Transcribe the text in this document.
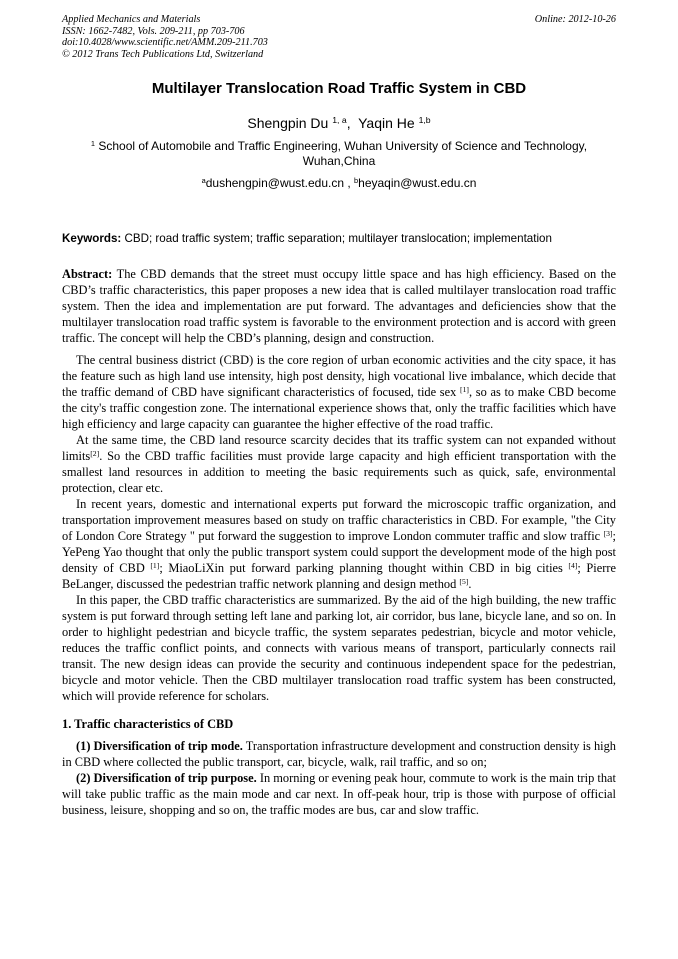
Applied Mechanics and Materials
ISSN: 1662-7482, Vols. 209-211, pp 703-706
doi:10.4028/www.scientific.net/AMM.209-211.703
© 2012 Trans Tech Publications Ltd, Switzerland
Online: 2012-10-26
Multilayer Translocation Road Traffic System in CBD
Shengpin Du $^{1, a}$, Yaqin He $^{1,b}$
$^1$ School of Automobile and Traffic Engineering, Wuhan University of Science and Technology, Wuhan,China
$^a$dushengpin@wust.edu.cn , $^b$heyaqin@wust.edu.cn
Keywords: CBD; road traffic system; traffic separation; multilayer translocation; implementation

Abstract: The CBD demands that the street must occupy little space and has high efficiency. Based on the CBD’s traffic characteristics, this paper proposes a new idea that is called multilayer translocation road traffic system. Then the idea and implementation are put forward. The advantages and deficiencies show that the multilayer translocation road traffic system is favorable to the environment protection and is accord with green traffic. The concept will help the CBD’s planning, design and construction.

The central business district (CBD) is the core region of urban economic activities and the city space, it has the feature such as high land use intensity, high post density, high vocational live imbalance, which decide that the traffic demand of CBD have significant characteristics of focused, tide sex [1], so as to make CBD become the city's traffic congestion zone. The international experience shows that, only the traffic facilities which have high efficiency and large capacity can guarantee the higher effective of the road traffic.

At the same time, the CBD land resource scarcity decides that its traffic system can not expanded without limits[2]. So the CBD traffic facilities must provide large capacity and high efficient transportation with the smallest land resources in addition to meeting the basic requirements such as quick, safe, environmental protection, clear etc.

In recent years, domestic and international experts put forward the microscopic traffic organization, and transportation improvement measures based on study on traffic characteristics in CBD. For example, "the City of London Core Strategy " put forward the suggestion to improve London commuter traffic and slow traffic [3]; YePeng Yao thought that only the public transport system could support the development mode of the high post density of CBD [1]; MiaoLiXin put forward parking planning thought within CBD in big cities [4]; Pierre BeLanger, discussed the pedestrian traffic network planning and design method [5].

In this paper, the CBD traffic characteristics are summarized. By the aid of the high building, the new traffic system is put forward through setting left lane and parking lot, air corridor, bus lane, bicycle lane, and so on. In order to highlight pedestrian and bicycle traffic, the system separates pedestrian, bicycle and motor vehicle, reduces the traffic conflict points, and connects with various means of transport, particularly connects rail transit. The new design ideas can provide the security and continuous independent space for the pedestrian, bicycle and motor vehicle. Then the CBD multilayer translocation road traffic system has been constructed, which will provide reference for scholars.

1. Traffic characteristics of CBD

(1) Diversification of trip mode. Transportation infrastructure development and construction density is high in CBD where collected the public transport, car, bicycle, walk, rail traffic, and so on;

(2) Diversification of trip purpose. In morning or evening peak hour, commute to work is the main trip that will take public traffic as the main mode and car next. In off-peak hour, trip is those with purpose of official business, leisure, shopping and so on, the traffic modes are bus, car and slow traffic.
